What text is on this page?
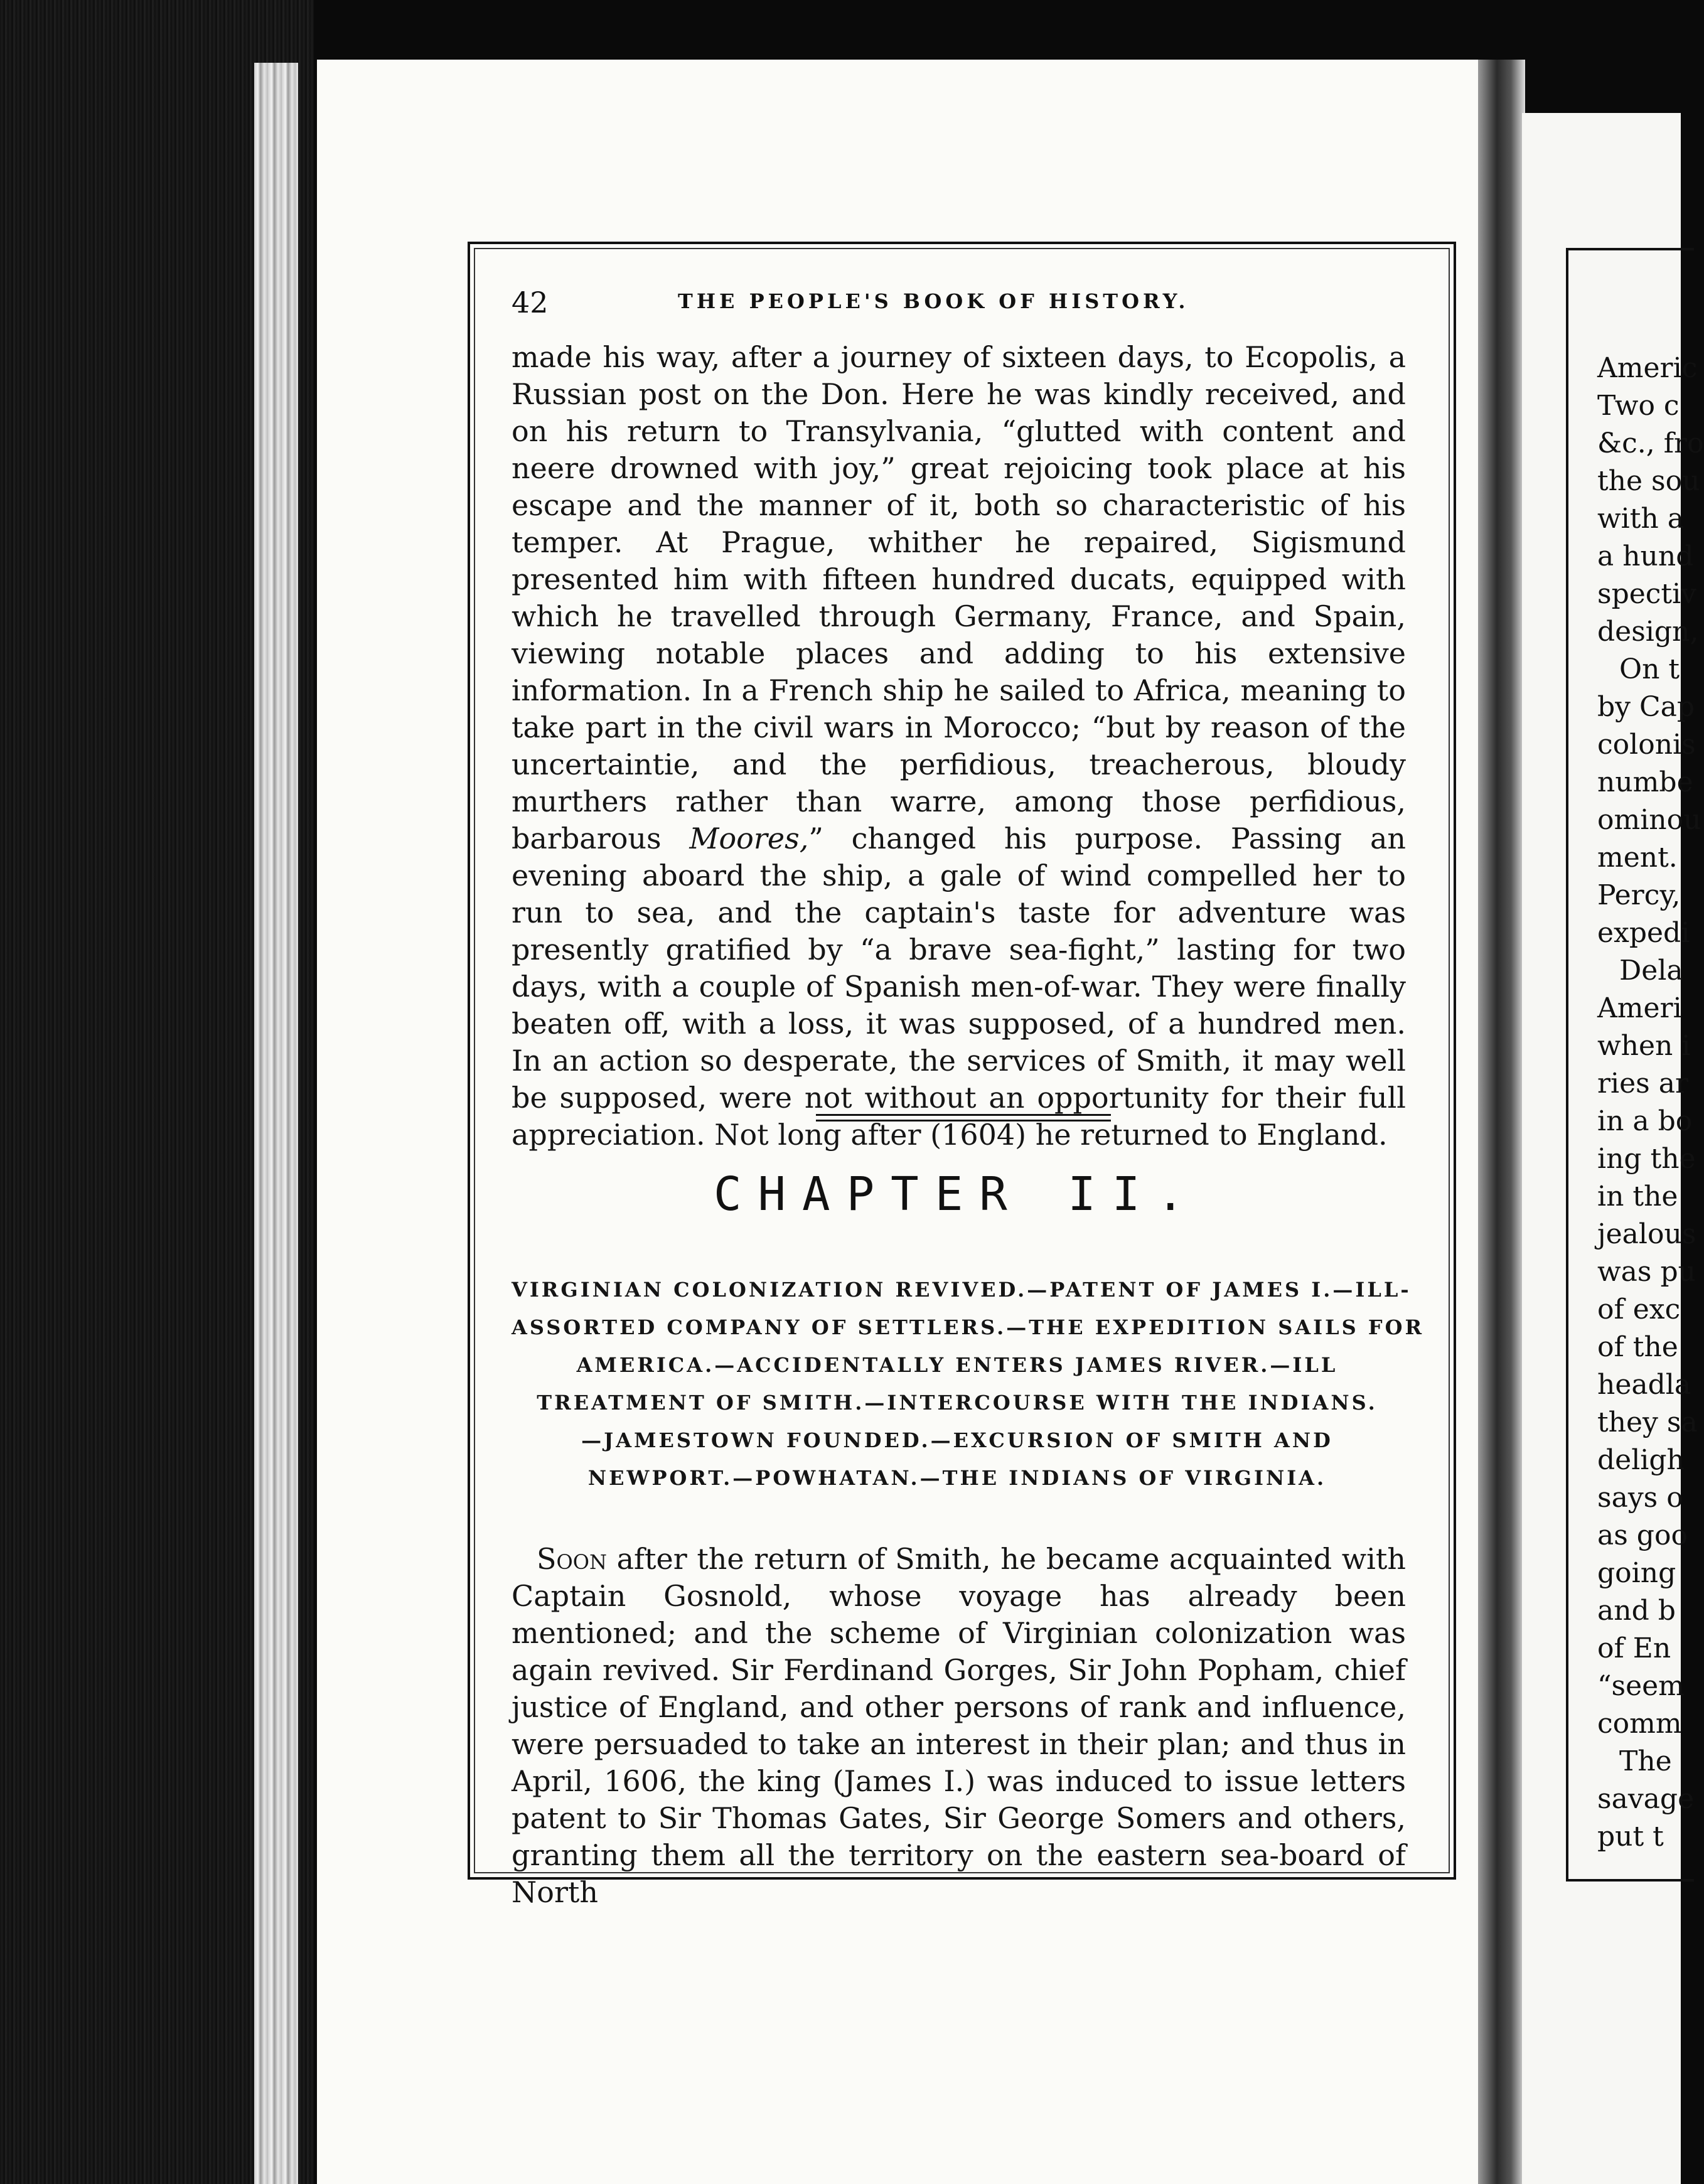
Americ
Two c
&c., fro
the sou
with a
a hund
spectiv
design,
On t
by Cap
colonis
numbe
ominou
ment.
Percy,
expedi
Dela
Ameri
when i
ries ar
in a bo
ing the
in the
jealous
was pu
of exc
of the
headla
they sa
deligh
says o
as goo
going
and b
of En
“seem
comm
The
savage
put t
42	THE PEOPLE'S BOOK OF HISTORY.

made his way, after a journey of sixteen days, to Ecopolis, a Russian post on the Don. Here he was kindly received, and on his return to Transylvania, “glutted with content and neere drowned with joy,” great rejoicing took place at his escape and the manner of it, both so characteristic of his temper. At Prague, whither he repaired, Sigismund presented him with fifteen hundred ducats, equipped with which he travelled through Germany, France, and Spain, viewing notable places and adding to his extensive information. In a French ship he sailed to Africa, meaning to take part in the civil wars in Morocco; “but by reason of the uncertaintie, and the perfidious, treacherous, bloudy murthers rather than warre, among those perfidious, barbarous Moores,” changed his purpose. Passing an evening aboard the ship, a gale of wind compelled her to run to sea, and the captain's taste for adventure was presently gratified by “a brave sea-fight,” lasting for two days, with a couple of Spanish men-of-war. They were finally beaten off, with a loss, it was supposed, of a hundred men. In an action so desperate, the services of Smith, it may well be supposed, were not without an opportunity for their full appreciation. Not long after (1604) he returned to England.

CHAPTER II.
VIRGINIAN COLONIZATION REVIVED.—PATENT OF JAMES I.—ILL-
ASSORTED COMPANY OF SETTLERS.—THE EXPEDITION SAILS FOR
AMERICA.—ACCIDENTALLY ENTERS JAMES RIVER.—ILL
TREATMENT OF SMITH.—INTERCOURSE WITH THE INDIANS.
—JAMESTOWN FOUNDED.—EXCURSION OF SMITH AND
NEWPORT.—POWHATAN.—THE INDIANS OF VIRGINIA.

Soon after the return of Smith, he became acquainted with Captain Gosnold, whose voyage has already been mentioned; and the scheme of Virginian colonization was again revived. Sir Ferdinand Gorges, Sir John Popham, chief justice of England, and other persons of rank and influence, were persuaded to take an interest in their plan; and thus in April, 1606, the king (James I.) was induced to issue letters patent to Sir Thomas Gates, Sir George Somers and others, granting them all the territory on the eastern sea-board of North
